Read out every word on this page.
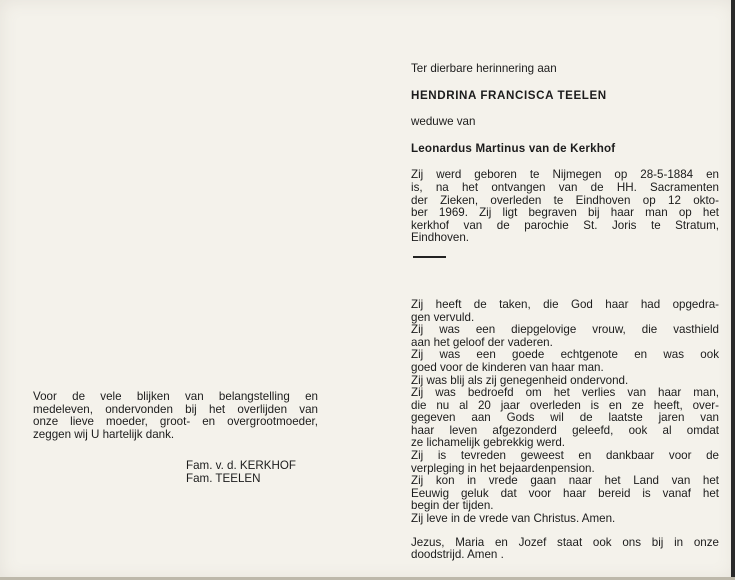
Ter dierbare herinnering aan
HENDRINA FRANCISCA TEELEN
weduwe van
Leonardus Martinus van de Kerkhof
Zij werd geboren te Nijmegen op 28-5-1884 en
is, na het ontvangen van de HH. Sacramenten
der Zieken, overleden te Eindhoven op 12 okto-
ber 1969. Zij ligt begraven bij haar man op het
kerkhof van de parochie St. Joris te Stratum,
Eindhoven.
Zij heeft de taken, die God haar had opgedra-
gen vervuld.
Zij was een diepgelovige vrouw, die vasthield
aan het geloof der vaderen.
Zij was een goede echtgenote en was ook
goed voor de kinderen van haar man.
Zij was blij als zij genegenheid ondervond.
Zij was bedroefd om het verlies van haar man,
die nu al 20 jaar overleden is en ze heeft, over-
gegeven aan Gods wil de laatste jaren van
haar leven afgezonderd geleefd, ook al omdat
ze lichamelijk gebrekkig werd.
Zij is tevreden geweest en dankbaar voor de
verpleging in het bejaardenpension.
Zij kon in vrede gaan naar het Land van het
Eeuwig geluk dat voor haar bereid is vanaf het
begin der tijden.
Zij leve in de vrede van Christus. Amen.
Jezus, Maria en Jozef staat ook ons bij in onze
doodstrijd. Amen .
Voor de vele blijken van belangstelling en
medeleven, ondervonden bij het overlijden van
onze lieve moeder, groot- en overgrootmoeder,
zeggen wij U hartelijk dank.
Fam. v. d. KERKHOF
Fam. TEELEN
